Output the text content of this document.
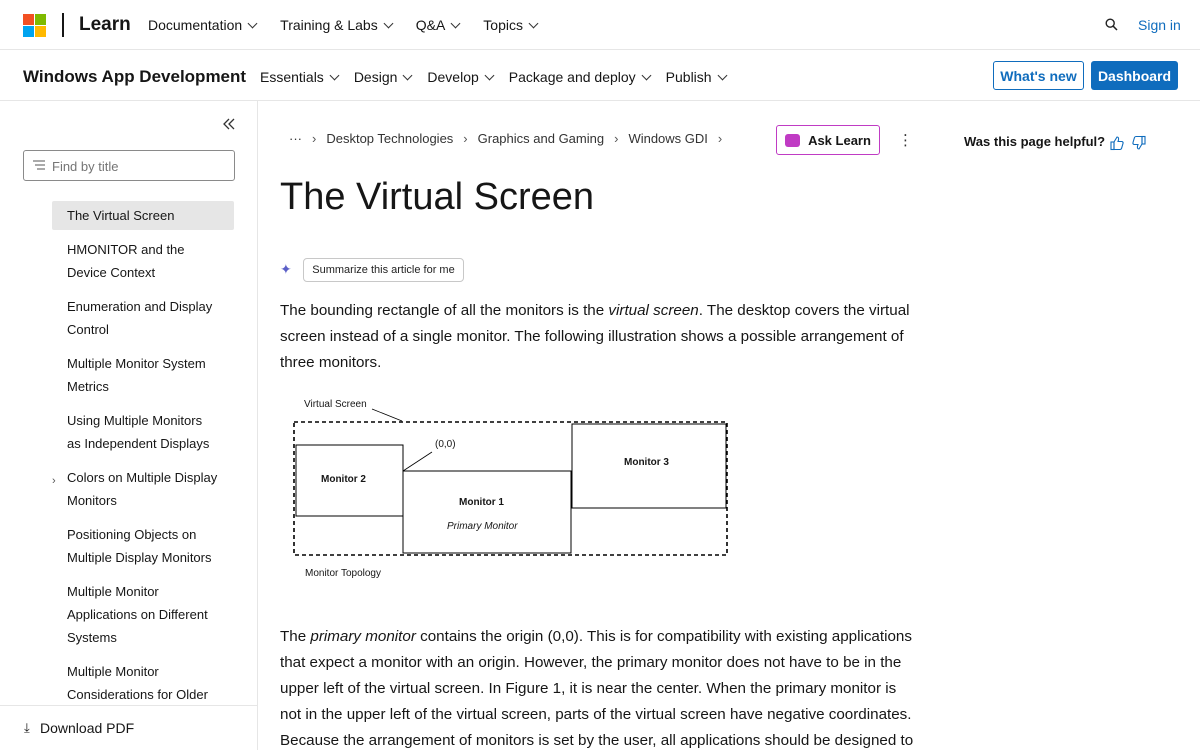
Learn Documentation	Training & Labs	Q&A	Topics	Sign in
Windows App Development Essentials Design Develop Package and deploy Publish	What's new	Dashboard
Find by title
The Virtual Screen
HMONITOR and the Device Context
Enumeration and Display Control
Multiple Monitor System Metrics
Using Multiple Monitors as Independent Displays
› Colors on Multiple Display Monitors
Positioning Objects on Multiple Display Monitors
Multiple Monitor Applications on Different Systems
Multiple Monitor Considerations for Older
⤓ Download PDF
··· › Desktop Technologies › Graphics and Gaming › Windows GDI ›	Ask Learn ⋮	Was this page helpful?
The Virtual Screen
✦	Summarize this article for me

The bounding rectangle of all the monitors is the virtual screen. The desktop covers the virtual screen instead of a single monitor. The following illustration shows a possible arrangement of three monitors.

Virtual Screen
(0,0)
Monitor 2
Monitor 1
Primary Monitor
Monitor 3
Monitor Topology

The primary monitor contains the origin (0,0). This is for compatibility with existing applications that expect a monitor with an origin. However, the primary monitor does not have to be in the upper left of the virtual screen. In Figure 1, it is near the center. When the primary monitor is not in the upper left of the virtual screen, parts of the virtual screen have negative coordinates. Because the arrangement of monitors is set by the user, all applications should be designed to
